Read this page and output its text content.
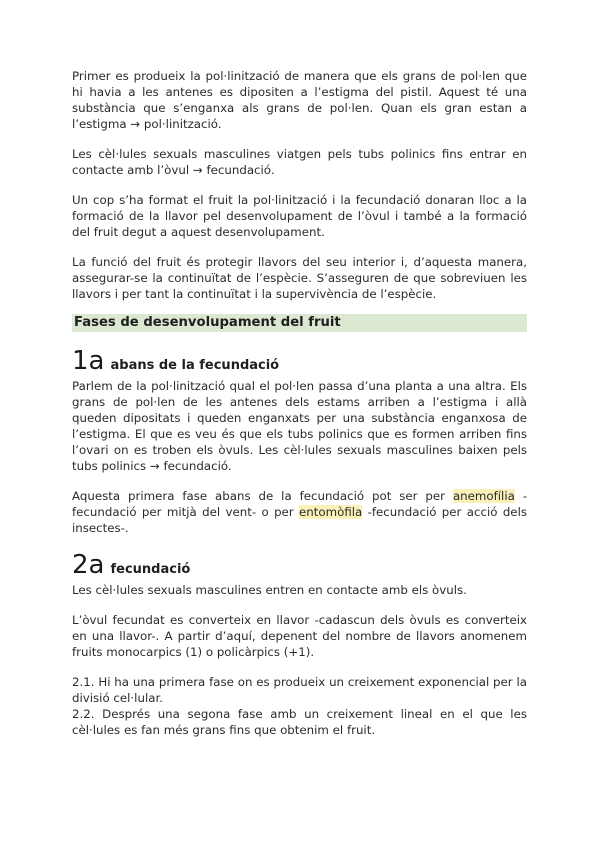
Primer es produeix la pol·linització de manera que els grans de pol·len que hi havia a les antenes es dipositen a l’estigma del pistil. Aquest té una substància que s’enganxa als grans de pol·len. Quan els gran estan a l’estigma → pol·linització.

Les cèl·lules sexuals masculines viatgen pels tubs polinics fins entrar en contacte amb l’òvul → fecundació.

Un cop s’ha format el fruit la pol·linització i la fecundació donaran lloc a la formació de la llavor pel desenvolupament de l’òvul i també a la formació del fruit degut a aquest desenvolupament.

La funció del fruit és protegir llavors del seu interior i, d’aquesta manera, assegurar-se la continuïtat de l’espècie. S’asseguren de que sobreviuen les llavors i per tant la continuïtat i la supervivència de l’espècie.

Fases de desenvolupament del fruit
1a abans de la fecundació

Parlem de la pol·linització qual el pol·len passa d’una planta a una altra. Els grans de pol·len de les antenes dels estams arriben a l’estigma i allà queden dipositats i queden enganxats per una substància enganxosa de l’estigma. El que es veu és que els tubs polinics que es formen arriben fins l’ovari on es troben els òvuls. Les cèl·lules sexuals masculines baixen pels tubs polinics → fecundació.

Aquesta primera fase abans de la fecundació pot ser per anemofília -fecundació per mitjà del vent- o per entomòfila -fecundació per acció dels insectes-.

2a fecundació

Les cèl·lules sexuals masculines entren en contacte amb els òvuls.

L’òvul fecundat es converteix en llavor -cadascun dels òvuls es converteix en una llavor-. A partir d’aquí, depenent del nombre de llavors anomenem fruits monocarpics (1) o policàrpics (+1).

2.1. Hi ha una primera fase on es produeix un creixement exponencial per la divisió cel·lular.

2.2. Després una segona fase amb un creixement lineal en el que les cèl·lules es fan més grans fins que obtenim el fruit.
